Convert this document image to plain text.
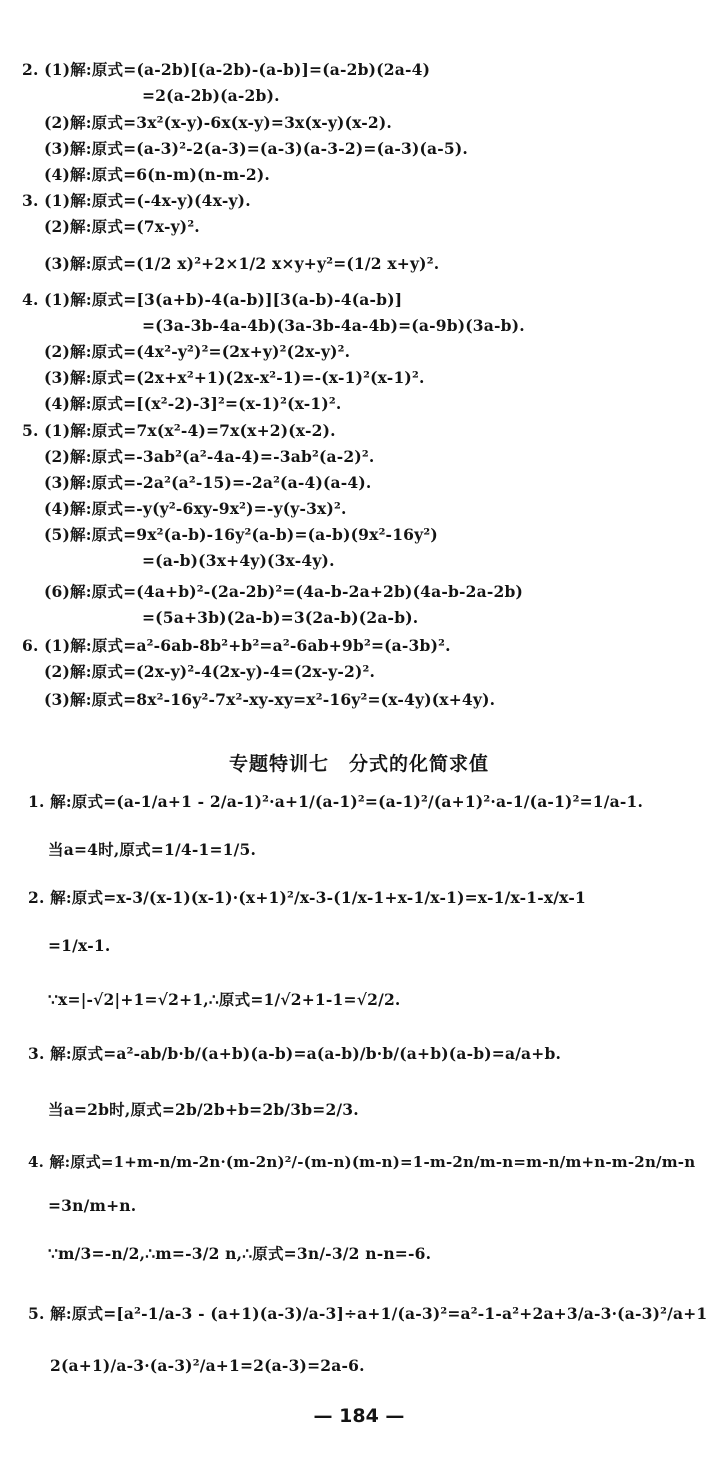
2. (1)解:原式=(a-2b)[(a-2b)-(a-b)]=(a-2b)(2a-4)
=2(a-2b)(a-2b).
(2)解:原式=3x²(x-y)-6x(x-y)=3x(x-y)(x-2).
(3)解:原式=(a-3)²-2(a-3)=(a-3)(a-3-2)=(a-3)(a-5).
(4)解:原式=6(n-m)(n-m-2).
3. (1)解:原式=(-4x-y)(4x-y).
(2)解:原式=(7x-y)².
(3)解:原式=(1/2 x)²+2×1/2 x×y+y²=(1/2 x+y)².
4. (1)解:原式=[3(a+b)-4(a-b)][3(a-b)-4(a-b)]
=(3a-3b-4a-4b)(3a-3b-4a-4b)=(a-9b)(3a-b).
(2)解:原式=(4x²-y²)²=(2x+y)²(2x-y)².
(3)解:原式=(2x+x²+1)(2x-x²-1)=-(x-1)²(x-1)².
(4)解:原式=[(x²-2)-3]²=(x-1)²(x-1)².
5. (1)解:原式=7x(x²-4)=7x(x+2)(x-2).
(2)解:原式=-3ab²(a²-4a-4)=-3ab²(a-2)².
(3)解:原式=-2a²(a²-15)=-2a²(a-4)(a-4).
(4)解:原式=-y(y²-6xy-9x²)=-y(y-3x)².
(5)解:原式=9x²(a-b)-16y²(a-b)=(a-b)(9x²-16y²)
=(a-b)(3x+4y)(3x-4y).
(6)解:原式=(4a+b)²-(2a-2b)²=(4a-b-2a+2b)(4a-b-2a-2b)
=(5a+3b)(2a-b)=3(2a-b)(2a-b).
6. (1)解:原式=a²-6ab-8b²+b²=a²-6ab+9b²=(a-3b)².
(2)解:原式=(2x-y)²-4(2x-y)-4=(2x-y-2)².
(3)解:原式=8x²-16y²-7x²-xy-xy=x²-16y²=(x-4y)(x+4y).
专题特训七　分式的化简求值
1. 解:原式=(a-1/a+1 - 2/a-1)²·a+1/(a-1)²=(a-1)²/(a+1)²·a-1/(a-1)²=1/a-1.
当a=4时,原式=1/4-1=1/5.
2. 解:原式=x-3/(x-1)(x-1)·(x+1)²/x-3-(1/x-1+x-1/x-1)=x-1/x-1-x/x-1
=1/x-1.
∵x=|-√2|+1=√2+1,∴原式=1/√2+1-1=√2/2.
3. 解:原式=a²-ab/b·b/(a+b)(a-b)=a(a-b)/b·b/(a+b)(a-b)=a/a+b.
当a=2b时,原式=2b/2b+b=2b/3b=2/3.
4. 解:原式=1+m-n/m-2n·(m-2n)²/-(m-n)(m-n)=1-m-2n/m-n=m-n/m+n-m-2n/m-n
=3n/m+n.
∵m/3=-n/2,∴m=-3/2 n,∴原式=3n/-3/2 n-n=-6.
5. 解:原式=[a²-1/a-3 - (a+1)(a-3)/a-3]÷a+1/(a-3)²=a²-1-a²+2a+3/a-3·(a-3)²/a+1
2(a+1)/a-3·(a-3)²/a+1=2(a-3)=2a-6.
— 184 —
